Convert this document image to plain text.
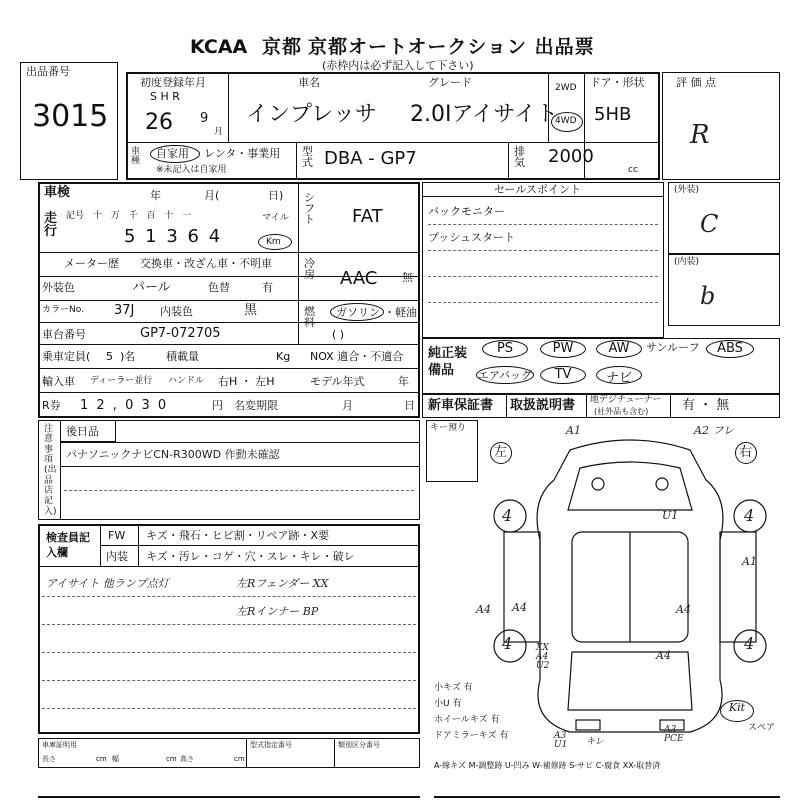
KCAA 京都 京都オートオークション 出品票
(赤枠内は必ず記入して下さい)
出品番号
3015
初度登録年月
S H R
26 9
月
車名
インプレッサ
グレード
2.0Iアイサイト
2WD
4WD
ドア・形状
5HB
評 価 点
R
車種
自家用 レンタ・事業用
※未記入は自家用
型式 DBA - GP7	排気 2000
cc
車検	年	月(	日)
走行
記号 十 万 千 百 十 一
5 1 3 6 4
マイル
Km
シフト FAT
メーター歴 交換車・改ざん車・不明車	冷房 AAC 無
外装色	パール	色替	有
カラーNo. 37J 内装色	黒	燃料
ガソリン ・軽油
( )
車台番号	GP7-072705
乗車定員( 5 )名	積載量	Kg NOX 適合・不適合
輸入車 ディーラー並行 ハンドル 右H ・ 左H	モデル年式	年
R券 1 2 , 0 3 0	円 名変期限	月	日
セールスポイント
バックモニター
プッシュスタート
(外装)
C
(内装)
b
純正装備品
PS	PW	AW	サンルーフ	ABS
エアバッグ	TV	ナビ
新車保証書 取扱説明書 地デジチューナー
(社外品も含む)	有 ・ 無
注意事項(出品店記入)
後日品
パナソニックナビCN-R300WD 作動未確認
キー預り
左	右
A1	A2 フレ
U1
A1
A4
A4	A4
A4
4	4
4	4
XX A4 U2
A3 U1	キレ
A3 PCE
小キズ 有
小U 有
ホイールキズ 有
ドアミラーキズ 有
Kit
スペア
A-線キズ M-調整跡 U-凹み W-補修跡 S-サビ C-腐食 XX-取替済
検査員記入欄
FW キズ・飛石・ヒビ割・リペア跡・X要
内装 キズ・汚レ・コゲ・穴・スレ・キレ・破レ
アイサイト 他ランプ点灯	左Rフェンダー XX
左Rインナー BP
車庫証明用
長さ	cm 幅	cm 高さ	cm
型式指定番号	類別区分番号
